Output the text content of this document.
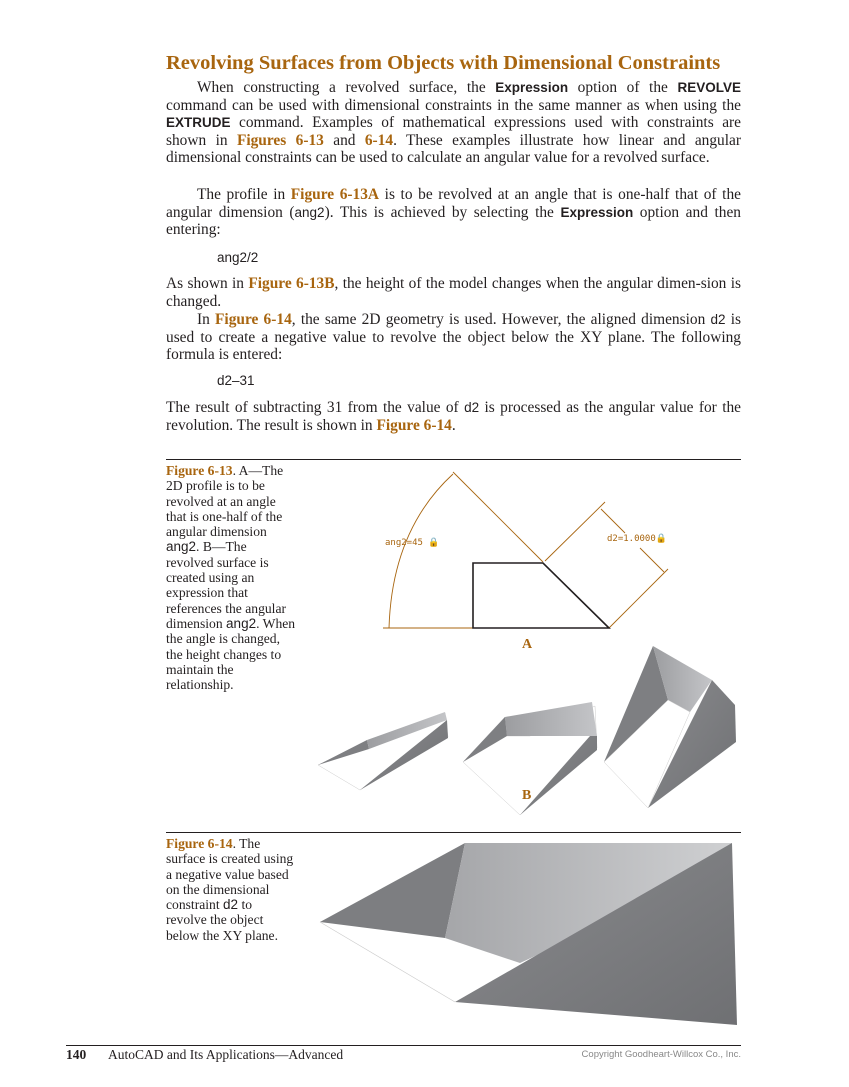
Revolving Surfaces from Objects with Dimensional Constraints
When constructing a revolved surface, the Expression option of the REVOLVE command can be used with dimensional constraints in the same manner as when using the EXTRUDE command. Examples of mathematical expressions used with constraints are shown in Figures 6-13 and 6-14. These examples illustrate how linear and angular dimensional constraints can be used to calculate an angular value for a revolved surface.
The profile in Figure 6-13A is to be revolved at an angle that is one-half that of the angular dimension (ang2). This is achieved by selecting the Expression option and then entering:
ang2/2
As shown in Figure 6-13B, the height of the model changes when the angular dimen-sion is changed.
In Figure 6-14, the same 2D geometry is used. However, the aligned dimension d2 is used to create a negative value to revolve the object below the XY plane. The following formula is entered:
d2–31
The result of subtracting 31 from the value of d2 is processed as the angular value for the revolution. The result is shown in Figure 6-14.
Figure 6-13. A—The 2D profile is to be revolved at an angle that is one-half of the angular dimension ang2. B—The revolved surface is created using an expression that references the angular dimension ang2. When the angle is changed, the height changes to maintain the relationship.
ang2=45 🔒	d2=1.0000🔒
A
B
Figure 6-14. The surface is created using a negative value based on the dimensional constraint d2 to revolve the object below the XY plane.
140 AutoCAD and Its Applications—Advanced	Copyright Goodheart-Willcox Co., Inc.
